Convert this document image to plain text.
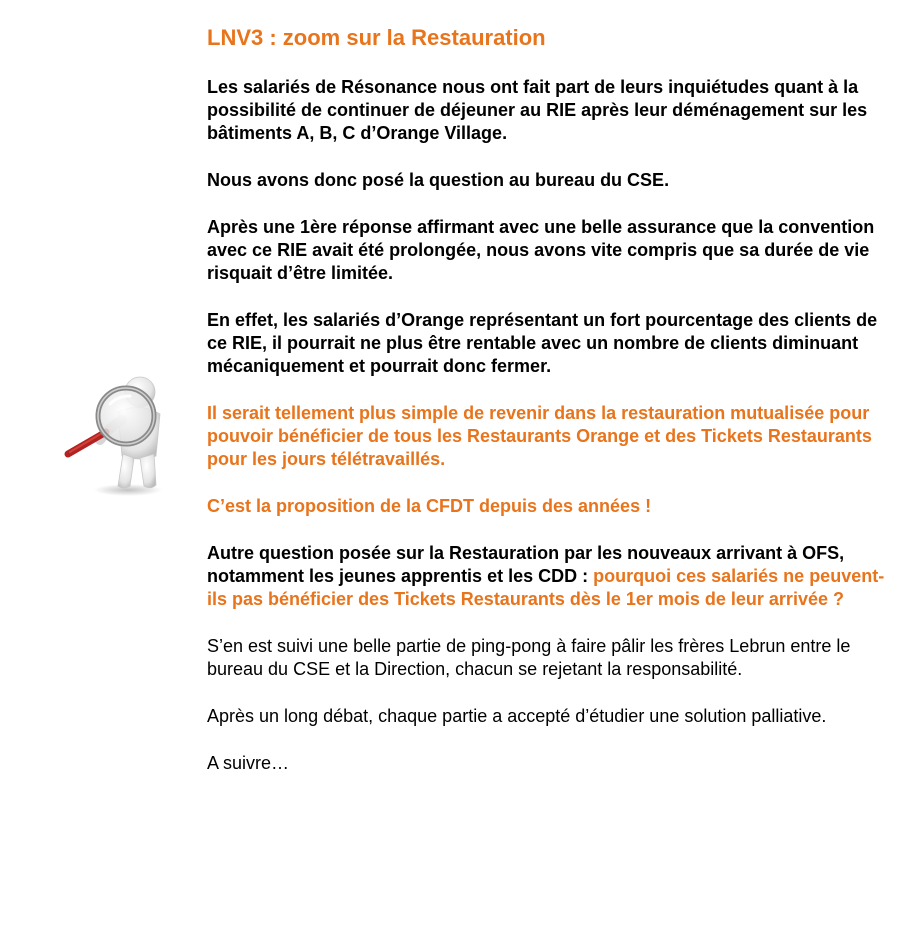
LNV3 : zoom sur la Restauration

Les salariés de Résonance nous ont fait part de leurs inquiétudes quant à la possibilité de continuer de déjeuner au RIE après leur déménagement sur les bâtiments A, B, C d’Orange Village.

Nous avons donc posé la question au bureau du CSE.

Après une 1ère réponse affirmant avec une belle assurance que la convention avec ce RIE avait été prolongée, nous avons vite compris que sa durée de vie risquait d’être limitée.

En effet, les salariés d’Orange représentant un fort pourcentage des clients de ce RIE, il pourrait ne plus être rentable avec un nombre de clients diminuant mécaniquement et pourrait donc fermer.

Il serait tellement plus simple de revenir dans la restauration mutualisée pour pouvoir bénéficier de tous les Restaurants Orange et des Tickets Restaurants pour les jours télétravaillés.

C’est la proposition de la CFDT depuis des années !

Autre question posée sur la Restauration par les nouveaux arrivant à OFS, notamment les jeunes apprentis et les CDD : pourquoi ces salariés ne peuvent-ils pas bénéficier des Tickets Restaurants dès le 1er mois de leur arrivée ?

S’en est suivi une belle partie de ping-pong à faire pâlir les frères Lebrun entre le bureau du CSE et la Direction, chacun se rejetant la responsabilité.

Après un long débat, chaque partie a accepté d’étudier une solution palliative.

A suivre…
